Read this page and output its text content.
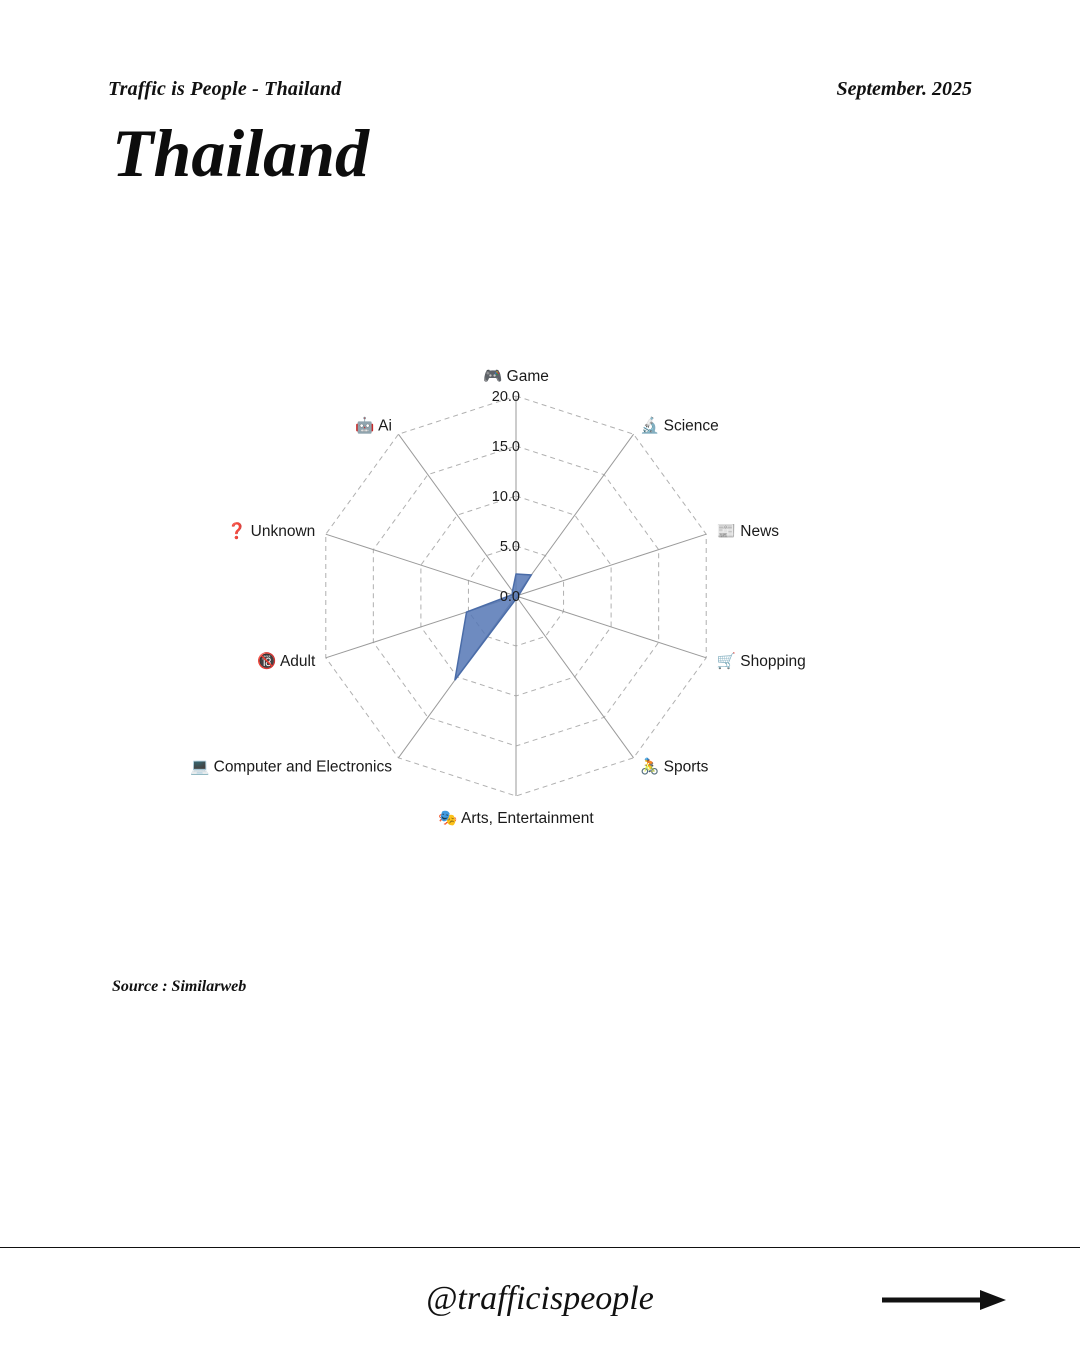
Traffic is People - Thailand	September. 2025
Thailand
0.0
5.0
10.0
15.0
20.0
🎮 Game
🔬 Science
📰 News
🛒 Shopping
🚴 Sports
🎭 Arts, Entertainment
💻 Computer and Electronics
🔞 Adult
❓ Unknown
🤖 Ai
Source : Similarweb
@trafficispeople
